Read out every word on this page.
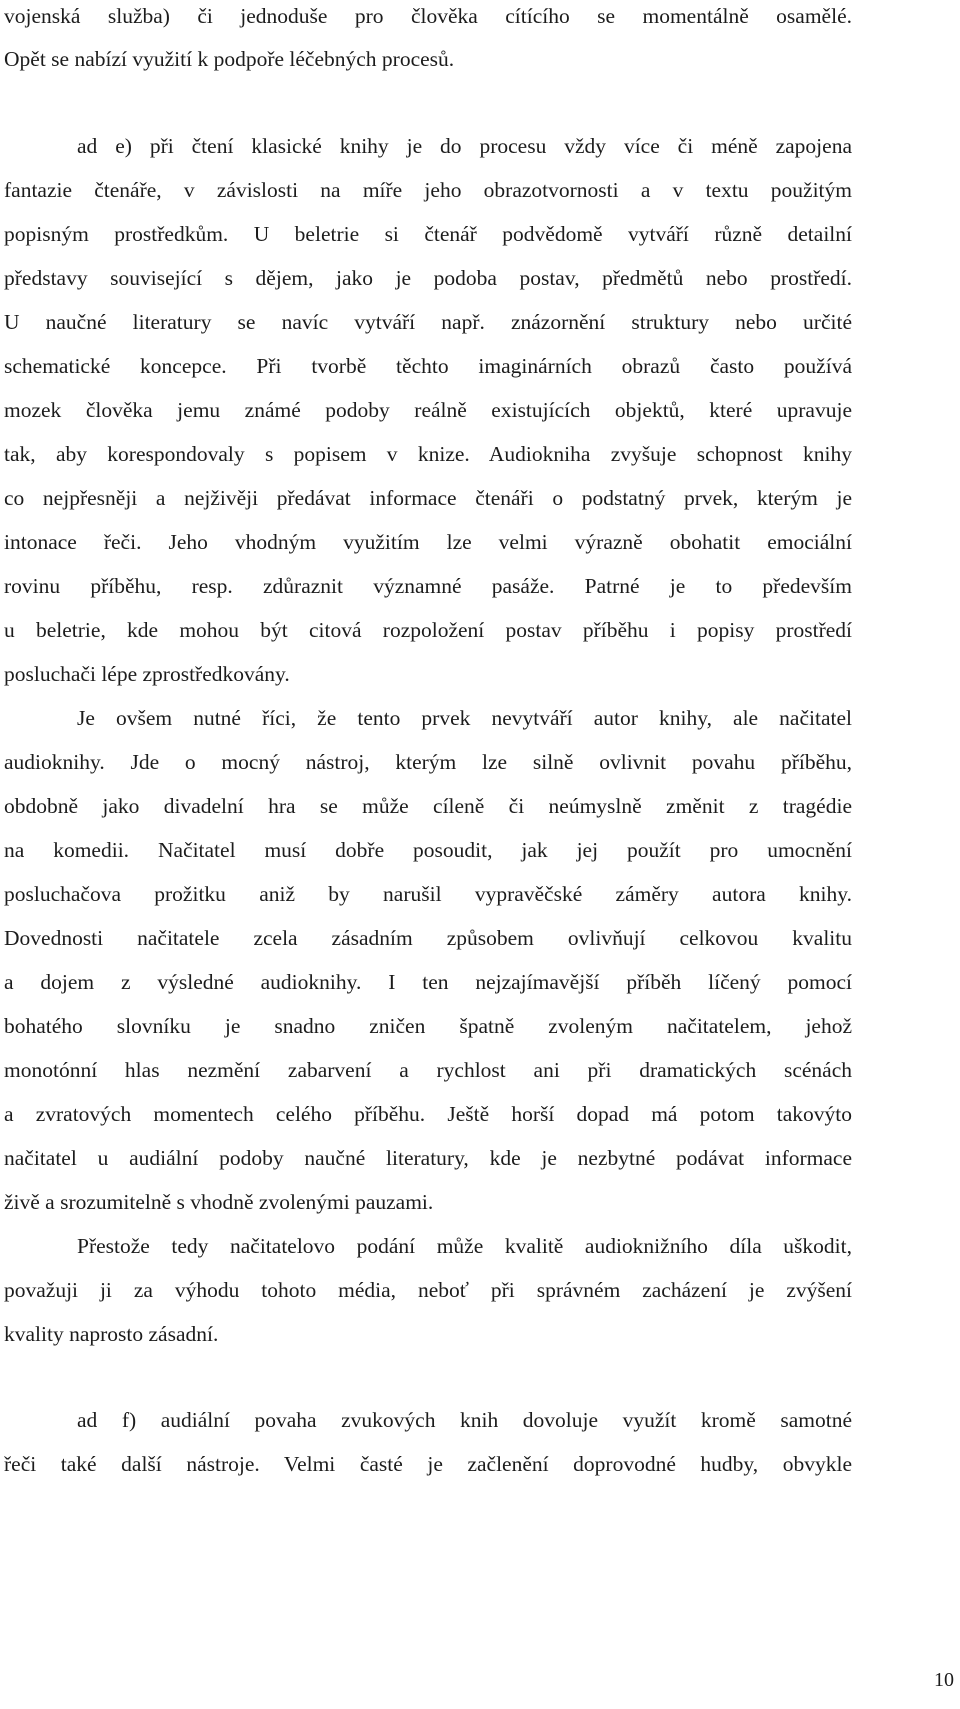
vojenská služba) či jednoduše pro člověka cítícího se momentálně osamělé.
Opět se nabízí využití k podpoře léčebných procesů.
ad e) při čtení klasické knihy je do procesu vždy více či méně zapojena
fantazie čtenáře, v závislosti na míře jeho obrazotvornosti a v textu použitým
popisným prostředkům. U beletrie si čtenář podvědomě vytváří různě detailní
představy související s dějem, jako je podoba postav, předmětů nebo prostředí.
U naučné literatury se navíc vytváří např. znázornění struktury nebo určité
schematické koncepce. Při tvorbě těchto imaginárních obrazů často používá
mozek člověka jemu známé podoby reálně existujících objektů, které upravuje
tak, aby korespondovaly s popisem v knize. Audiokniha zvyšuje schopnost knihy
co nejpřesněji a nejživěji předávat informace čtenáři o podstatný prvek, kterým je
intonace řeči. Jeho vhodným využitím lze velmi výrazně obohatit emociální
rovinu příběhu, resp. zdůraznit významné pasáže. Patrné je to především
u beletrie, kde mohou být citová rozpoložení postav příběhu i popisy prostředí
posluchači lépe zprostředkovány.
Je ovšem nutné říci, že tento prvek nevytváří autor knihy, ale načitatel
audioknihy. Jde o mocný nástroj, kterým lze silně ovlivnit povahu příběhu,
obdobně jako divadelní hra se může cíleně či neúmyslně změnit z tragédie
na komedii. Načitatel musí dobře posoudit, jak jej použít pro umocnění
posluchačova prožitku aniž by narušil vypravěčské záměry autora knihy.
Dovednosti načitatele zcela zásadním způsobem ovlivňují celkovou kvalitu
a dojem z výsledné audioknihy. I ten nejzajímavější příběh líčený pomocí
bohatého slovníku je snadno zničen špatně zvoleným načitatelem, jehož
monotónní hlas nezmění zabarvení a rychlost ani při dramatických scénách
a zvratových momentech celého příběhu. Ještě horší dopad má potom takovýto
načitatel u audiální podoby naučné literatury, kde je nezbytné podávat informace
živě a srozumitelně s vhodně zvolenými pauzami.
Přestože tedy načitatelovo podání může kvalitě audioknižního díla uškodit,
považuji ji za výhodu tohoto média, neboť při správném zacházení je zvýšení
kvality naprosto zásadní.
ad f) audiální povaha zvukových knih dovoluje využít kromě samotné
řeči také další nástroje. Velmi časté je začlenění doprovodné hudby, obvykle
10
